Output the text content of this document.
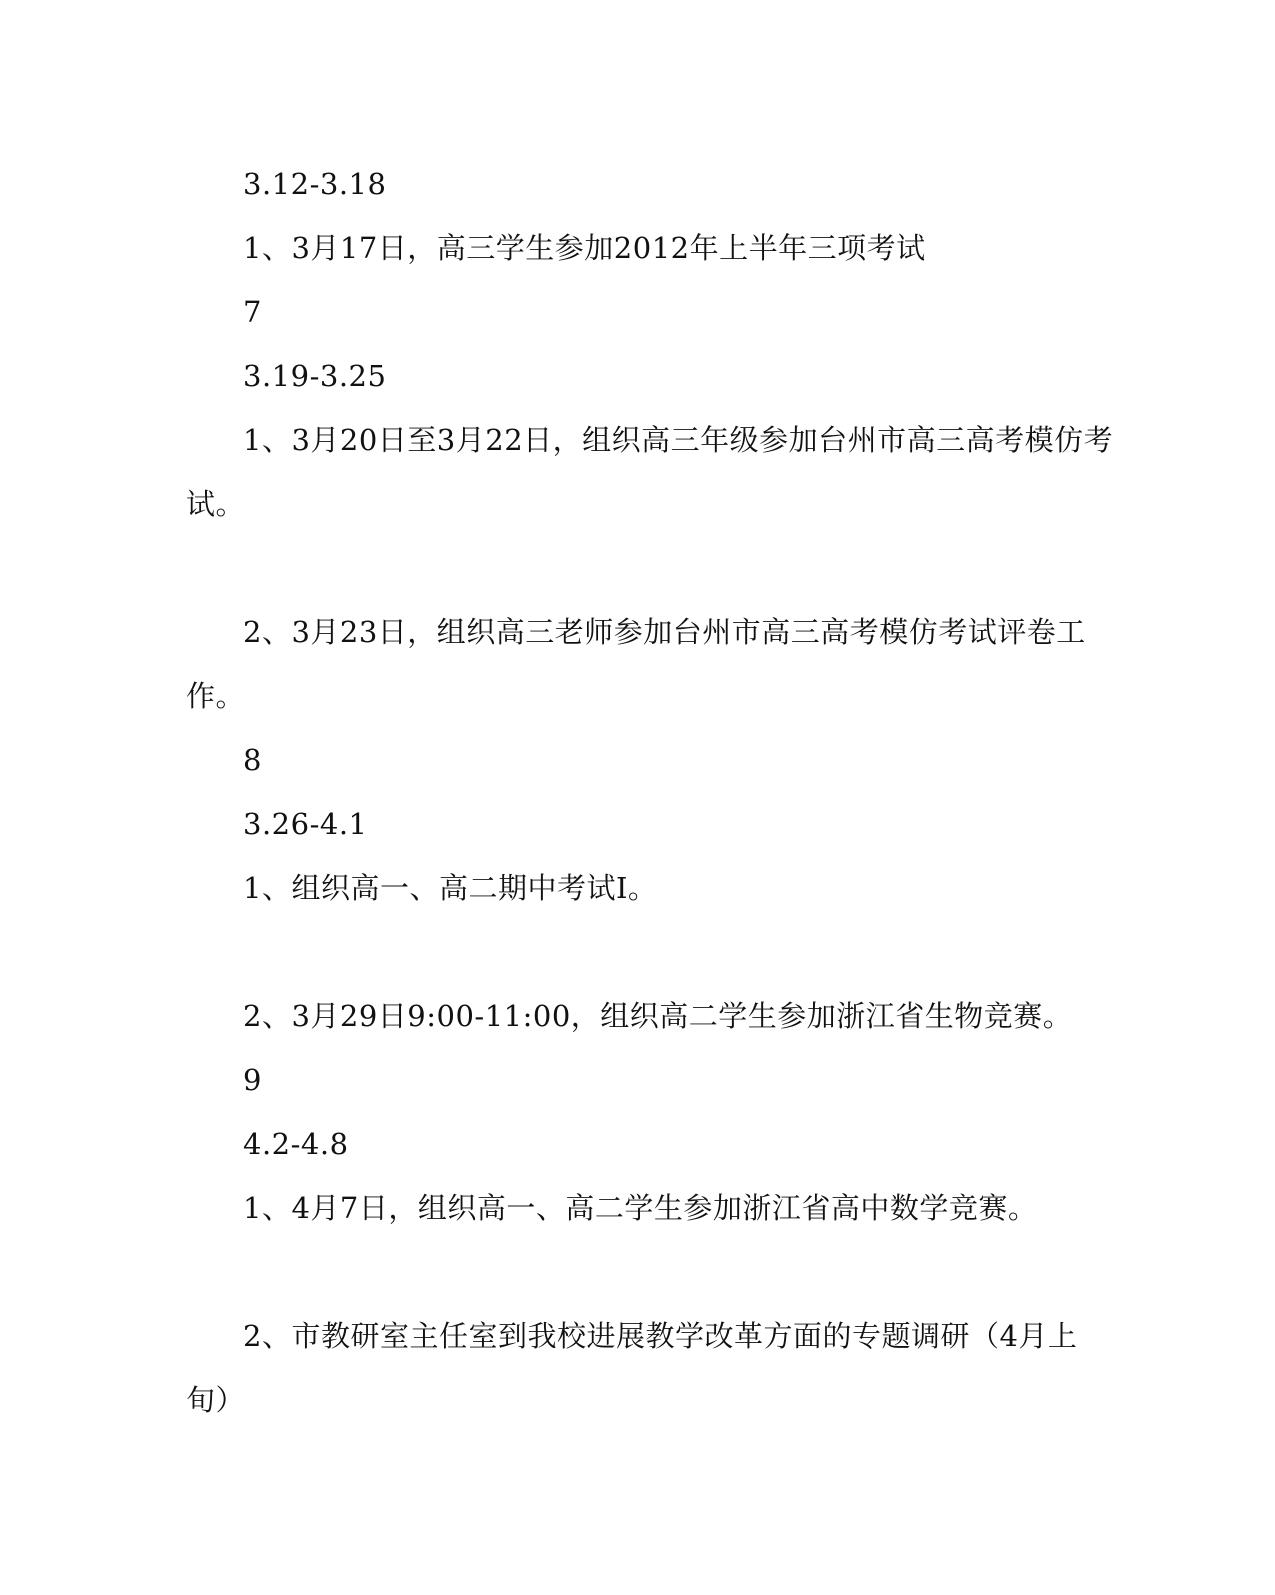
3.12-3.18
1、3月17日，高三学生参加2012年上半年三项考试
7
3.19-3.25
1、3月20日至3月22日，组织高三年级参加台州市高三高考模仿考
试。
2、3月23日，组织高三老师参加台州市高三高考模仿考试评卷工
作。
8
3.26-4.1
1、组织高一、高二期中考试Ⅰ。
2、3月29日9:00-11:00，组织高二学生参加浙江省生物竞赛。
9
4.2-4.8
1、4月7日，组织高一、高二学生参加浙江省高中数学竞赛。
2、市教研室主任室到我校进展教学改革方面的专题调研（4月上
旬）
